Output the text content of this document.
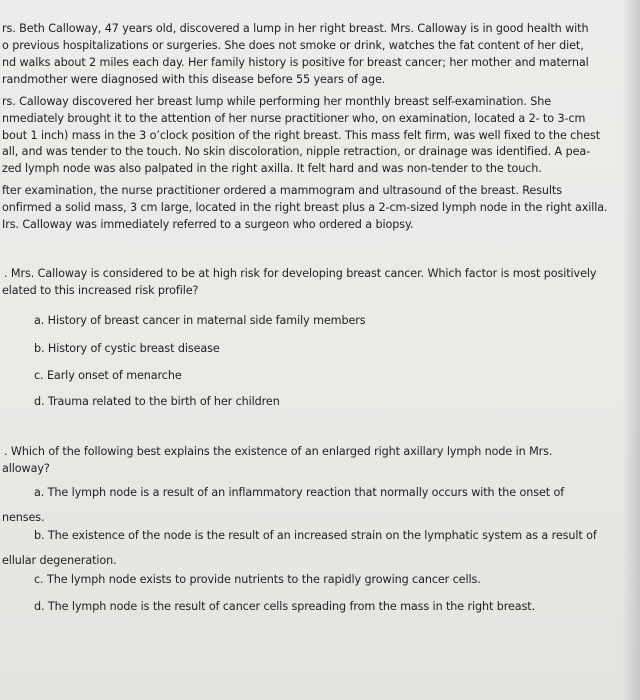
rs. Beth Calloway, 47 years old, discovered a lump in her right breast. Mrs. Calloway is in good health with
o previous hospitalizations or surgeries. She does not smoke or drink, watches the fat content of her diet,
nd walks about 2 miles each day. Her family history is positive for breast cancer; her mother and maternal
randmother were diagnosed with this disease before 55 years of age.
rs. Calloway discovered her breast lump while performing her monthly breast self-examination. She
nmediately brought it to the attention of her nurse practitioner who, on examination, located a 2- to 3-cm
bout 1 inch) mass in the 3 o’clock position of the right breast. This mass felt firm, was well fixed to the chest
all, and was tender to the touch. No skin discoloration, nipple retraction, or drainage was identified. A pea-
zed lymph node was also palpated in the right axilla. It felt hard and was non-tender to the touch.
fter examination, the nurse practitioner ordered a mammogram and ultrasound of the breast. Results
onfirmed a solid mass, 3 cm large, located in the right breast plus a 2-cm-sized lymph node in the right axilla.
Irs. Calloway was immediately referred to a surgeon who ordered a biopsy.
. Mrs. Calloway is considered to be at high risk for developing breast cancer. Which factor is most positively
elated to this increased risk profile?
a. History of breast cancer in maternal side family members
b. History of cystic breast disease
c. Early onset of menarche
d. Trauma related to the birth of her children
. Which of the following best explains the existence of an enlarged right axillary lymph node in Mrs.
alloway?
a. The lymph node is a result of an inflammatory reaction that normally occurs with the onset of
nenses.
b. The existence of the node is the result of an increased strain on the lymphatic system as a result of
ellular degeneration.
c. The lymph node exists to provide nutrients to the rapidly growing cancer cells.
d. The lymph node is the result of cancer cells spreading from the mass in the right breast.
